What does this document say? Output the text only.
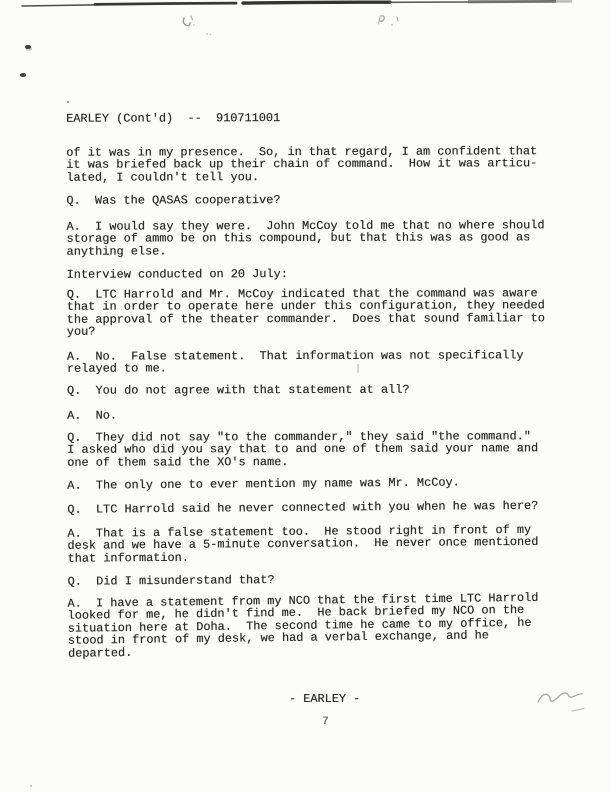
EARLEY (Cont'd)  --  910711001

of it was in my presence.  So, in that regard, I am confident that
it was briefed back up their chain of command.  How it was articu-
lated, I couldn't tell you.

Q.  Was the QASAS cooperative?

A.  I would say they were.  John McCoy told me that no where should
storage of ammo be on this compound, but that this was as good as
anything else.

Interview conducted on 20 July:

Q.  LTC Harrold and Mr. McCoy indicated that the command was aware
that in order to operate here under this configuration, they needed
the approval of the theater commander.  Does that sound familiar to
you?

A.  No.  False statement.  That information was not specifically
relayed to me.

Q.  You do not agree with that statement at all?

A.  No.

Q.  They did not say "to the commander," they said "the command."
I asked who did you say that to and one of them said your name and
one of them said the XO's name.

A.  The only one to ever mention my name was Mr. McCoy.

Q.  LTC Harrold said he never connected with you when he was here?

A.  That is a false statement too.  He stood right in front of my
desk and we have a 5-minute conversation.  He never once mentioned
that information.

Q.  Did I misunderstand that?

A.  I have a statement from my NCO that the first time LTC Harrold
looked for me, he didn't find me.  He back briefed my NCO on the
situation here at Doha.  The second time he came to my office, he
stood in front of my desk, we had a verbal exchange, and he
departed.

- EARLEY -
7
